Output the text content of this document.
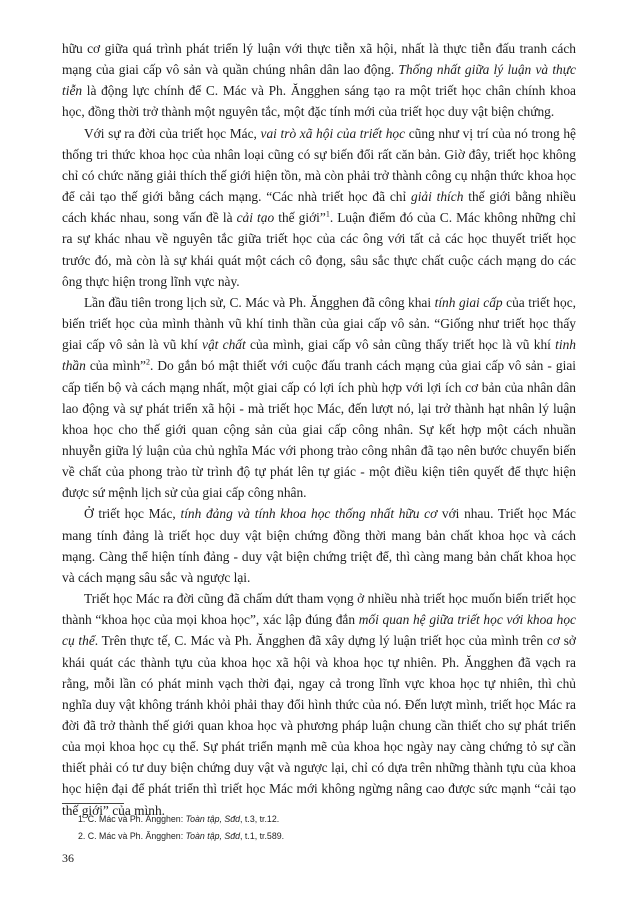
hữu cơ giữa quá trình phát triển lý luận với thực tiễn xã hội, nhất là thực tiễn đấu tranh cách mạng của giai cấp vô sản và quần chúng nhân dân lao động. Thống nhất giữa lý luận và thực tiễn là động lực chính để C. Mác và Ph. Ăngghen sáng tạo ra một triết học chân chính khoa học, đồng thời trở thành một nguyên tắc, một đặc tính mới của triết học duy vật biện chứng.

Với sự ra đời của triết học Mác, vai trò xã hội của triết học cũng như vị trí của nó trong hệ thống tri thức khoa học của nhân loại cũng có sự biến đổi rất căn bản. Giờ đây, triết học không chỉ có chức năng giải thích thế giới hiện tồn, mà còn phải trở thành công cụ nhận thức khoa học để cải tạo thế giới bằng cách mạng. “Các nhà triết học đã chỉ giải thích thế giới bằng nhiều cách khác nhau, song vấn đề là cải tạo thế giới”$^1$. Luận điểm đó của C. Mác không những chỉ ra sự khác nhau về nguyên tắc giữa triết học của các ông với tất cả các học thuyết triết học trước đó, mà còn là sự khái quát một cách cô đọng, sâu sắc thực chất cuộc cách mạng do các ông thực hiện trong lĩnh vực này.

Lần đầu tiên trong lịch sử, C. Mác và Ph. Ăngghen đã công khai tính giai cấp của triết học, biến triết học của mình thành vũ khí tinh thần của giai cấp vô sản. “Giống như triết học thấy giai cấp vô sản là vũ khí vật chất của mình, giai cấp vô sản cũng thấy triết học là vũ khí tinh thần của mình”$^2$. Do gắn bó mật thiết với cuộc đấu tranh cách mạng của giai cấp vô sản - giai cấp tiến bộ và cách mạng nhất, một giai cấp có lợi ích phù hợp với lợi ích cơ bản của nhân dân lao động và sự phát triển xã hội - mà triết học Mác, đến lượt nó, lại trở thành hạt nhân lý luận khoa học cho thế giới quan cộng sản của giai cấp công nhân. Sự kết hợp một cách nhuần nhuyễn giữa lý luận của chủ nghĩa Mác với phong trào công nhân đã tạo nên bước chuyển biến về chất của phong trào từ trình độ tự phát lên tự giác - một điều kiện tiên quyết để thực hiện được sứ mệnh lịch sử của giai cấp công nhân.

Ở triết học Mác, tính đảng và tính khoa học thống nhất hữu cơ với nhau. Triết học Mác mang tính đảng là triết học duy vật biện chứng đồng thời mang bản chất khoa học và cách mạng. Càng thể hiện tính đảng - duy vật biện chứng triệt để, thì càng mang bản chất khoa học và cách mạng sâu sắc và ngược lại.

Triết học Mác ra đời cũng đã chấm dứt tham vọng ở nhiều nhà triết học muốn biến triết học thành “khoa học của mọi khoa học”, xác lập đúng đắn mối quan hệ giữa triết học với khoa học cụ thể. Trên thực tế, C. Mác và Ph. Ăngghen đã xây dựng lý luận triết học của mình trên cơ sở khái quát các thành tựu của khoa học xã hội và khoa học tự nhiên. Ph. Ăngghen đã vạch ra rằng, mỗi lần có phát minh vạch thời đại, ngay cả trong lĩnh vực khoa học tự nhiên, thì chủ nghĩa duy vật không tránh khỏi phải thay đổi hình thức của nó. Đến lượt mình, triết học Mác ra đời đã trở thành thế giới quan khoa học và phương pháp luận chung cần thiết cho sự phát triển của mọi khoa học cụ thể. Sự phát triển mạnh mẽ của khoa học ngày nay càng chứng tỏ sự cần thiết phải có tư duy biện chứng duy vật và ngược lại, chỉ có dựa trên những thành tựu của khoa học hiện đại để phát triển thì triết học Mác mới không ngừng nâng cao được sức mạnh “cải tạo thế giới” của mình.

1. C. Mác và Ph. Ăngghen: Toàn tập, Sđd, t.3, tr.12.
2. C. Mác và Ph. Ăngghen: Toàn tập, Sđd, t.1, tr.589.
36
